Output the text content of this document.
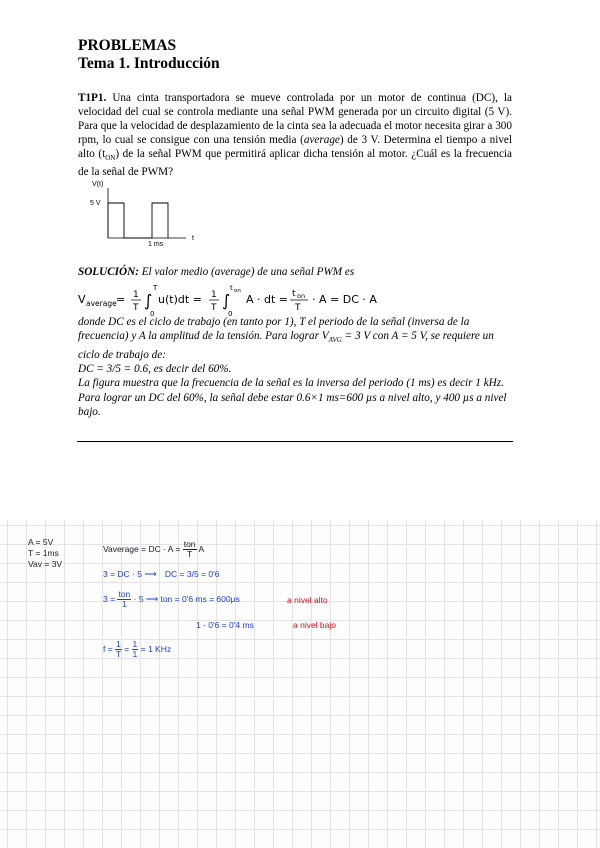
PROBLEMAS
Tema 1. Introducción
T1P1. Una cinta transportadora se mueve controlada por un motor de continua (DC), la velocidad del cual se controla mediante una señal PWM generada por un circuito digital (5 V). Para que la velocidad de desplazamiento de la cinta sea la adecuada el motor necesita girar a 300 rpm, lo cual se consigue con una tensión media (average) de 3 V. Determina el tiempo a nivel alto $(t_{ON})$ de la señal PWM que permitirá aplicar dicha tensión al motor. ¿Cuál es la frecuencia de la señal de PWM?
V(t)
5 V
1 ms
t
SOLUCIÓN: El valor medio (average) de una señal PWM es
V average = 1
T ∫
T
0
u(t)dt = 1
T ∫
t on
0
A · dt = t on
T
· A = DC · A

donde DC es el ciclo de trabajo (en tanto por 1), T el periodo de la señal (inversa de la frecuencia) y A la amplitud de la tensión. Para lograr $V_{AVG} = 3$ V con A = 5 V, se requiere un ciclo de trabajo de:

DC = 3/5 = 0.6, es decir del 60%.

La figura muestra que la frecuencia de la señal es la inversa del periodo (1 ms) es decir 1 kHz.

Para lograr un DC del 60%, la señal debe estar 0.6×1 ms=600 µs a nivel alto, y 400 µs a nivel bajo.

A = 5V
T = 1ms
Vav = 3V
Vaverage = DC · $A = \frac{\text{ton}}{T}$ A
3 = DC · 5 ⟶ DC = 3/5 = 0'6
$3 = \frac{\text{ton}}{1} \cdot 5$ ⟶ ton = 0'6 ms = 600µs	a nivel alto
1 - 0'6 = 0'4 ms	a nivel bajo
$f = \frac{1}{T} = \frac{1}{1} = 1$ KHz
